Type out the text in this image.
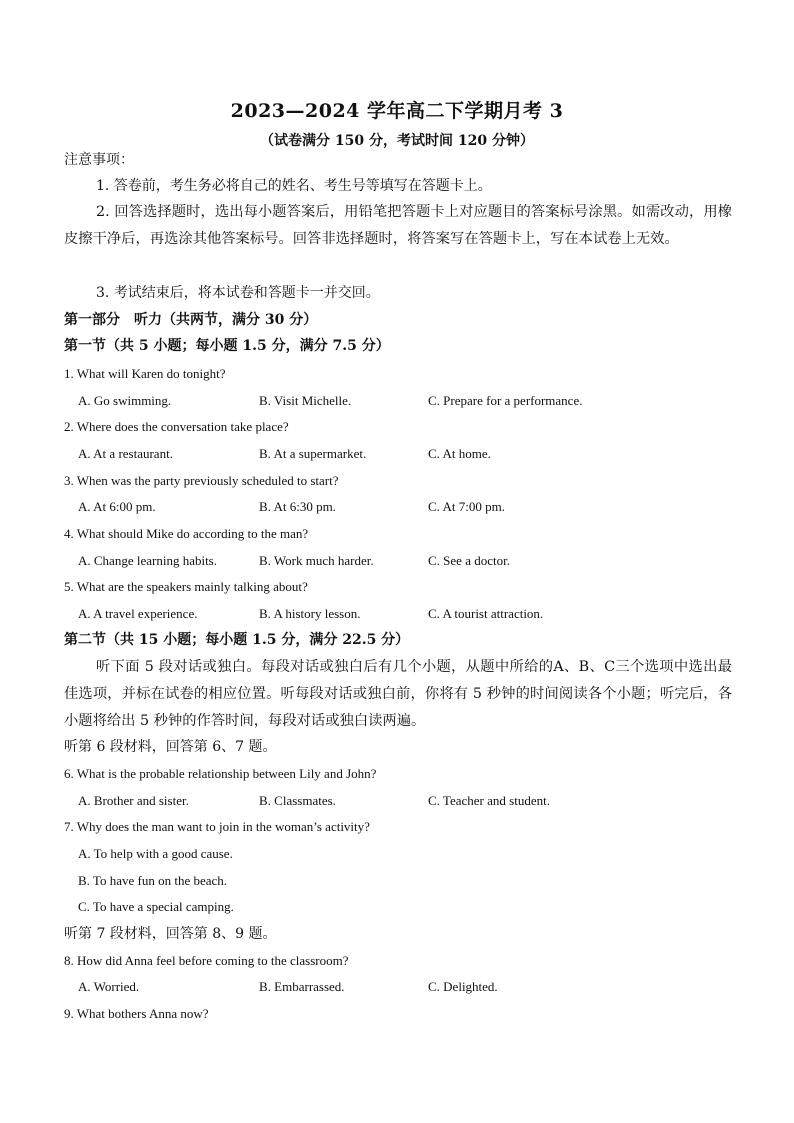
2023—2024 学年高二下学期月考 3
（试卷满分 150 分，考试时间 120 分钟）
注意事项：
1. 答卷前，考生务必将自己的姓名、考生号等填写在答题卡上。
2. 回答选择题时，选出每小题答案后，用铅笔把答题卡上对应题目的答案标号涂黑。如需改动，用橡皮擦干净后，再选涂其他答案标号。回答非选择题时，将答案写在答题卡上，写在本试卷上无效。
3. 考试结束后，将本试卷和答题卡一并交回。
第一部分　听力（共两节，满分 30 分）
第一节（共 5 小题；每小题 1.5 分，满分 7.5 分）
1. What will Karen do tonight?
A. Go swimming.	B. Visit Michelle.	C. Prepare for a performance.
2. Where does the conversation take place?
A. At a restaurant.	B. At a supermarket.	C. At home.
3. When was the party previously scheduled to start?
A. At 6:00 pm.	B. At 6:30 pm.	C. At 7:00 pm.
4. What should Mike do according to the man?
A. Change learning habits.	B. Work much harder.	C. See a doctor.
5. What are the speakers mainly talking about?
A. A travel experience.	B. A history lesson.	C. A tourist attraction.
第二节（共 15 小题；每小题 1.5 分，满分 22.5 分）
听下面 5 段对话或独白。每段对话或独白后有几个小题，从题中所给的A、B、C三个选项中选出最佳选项，并标在试卷的相应位置。听每段对话或独白前，你将有 5 秒钟的时间阅读各个小题；听完后，各小题将给出 5 秒钟的作答时间，每段对话或独白读两遍。
听第 6 段材料，回答第 6、7 题。
6. What is the probable relationship between Lily and John?
A. Brother and sister.	B. Classmates.	C. Teacher and student.
7. Why does the man want to join in the woman’s activity?
A. To help with a good cause.
B. To have fun on the beach.
C. To have a special camping.
听第 7 段材料，回答第 8、9 题。
8. How did Anna feel before coming to the classroom?
A. Worried.	B. Embarrassed.	C. Delighted.
9. What bothers Anna now?
